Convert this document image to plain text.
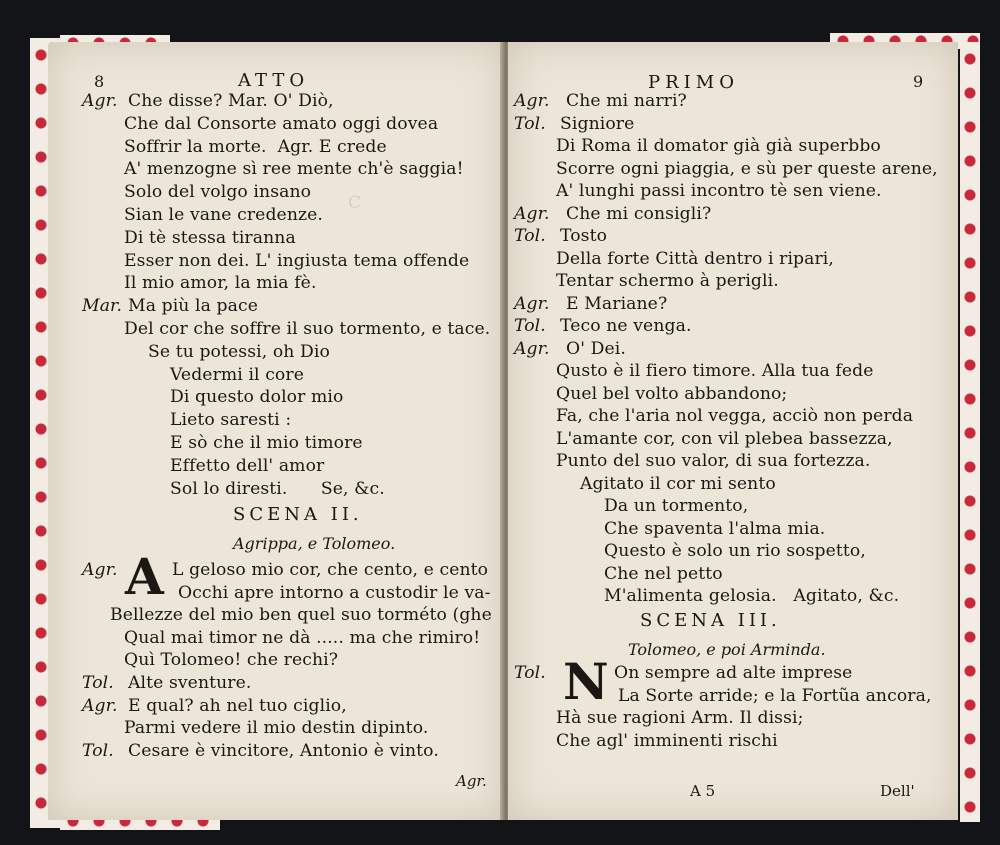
C
8	ATTO
Agr. Che disse? Mar. O' Diò,
Che dal Consorte amato oggi dovea
Soffrir la morte.  Agr. E crede
A' menzogne sì ree mente ch'è saggia!
Solo del volgo insano
Sian le vane credenze.
Di tè stessa tiranna
Esser non dei. L' ingiusta tema offende
Il mio amor, la mia fè.
Mar. Ma più la pace
Del cor che soffre il suo tormento, e tace.
Se tu potessi, oh Dio
Vedermi il core
Di questo dolor mio
Lieto saresti :
E sò che il mio timore
Effetto dell' amor
Sol lo diresti.      Se, &c.
SCENA II.
Agrippa, e Tolomeo.
A
Agr.	L geloso mio cor, che cento, e cento
Occhi apre intorno a custodir le va-
Bellezze del mio ben quel suo torméto (ghe
Qual mai timor ne dà ..... ma che rimiro!
Quì Tolomeo! che rechi?
Tol. Alte sventure.
Agr. E qual? ah nel tuo ciglio,
Parmi vedere il mio destin dipinto.
Tol. Cesare è vincitore, Antonio è vinto.
Agr.
PRIMO	9
Agr. Che mi narri?
Tol. Signiore
Di Roma il domator già già superbbo
Scorre ogni piaggia, e sù per queste arene,
A' lunghi passi incontro tè sen viene.
Agr. Che mi consigli?
Tol. Tosto
Della forte Città dentro i ripari,
Tentar schermo à perigli.
Agr. E Mariane?
Tol. Teco ne venga.
Agr. O' Dei.
Qusto è il fiero timore. Alla tua fede
Quel bel volto abbandono;
Fa, che l'aria nol vegga, acciò non perda
L'amante cor, con vil plebea bassezza,
Punto del suo valor, di sua fortezza.
Agitato il cor mi sento
Da un tormento,
Che spaventa l'alma mia.
Questo è solo un rio sospetto,
Che nel petto
M'alimenta gelosia.   Agitato, &c.
SCENA III.
Tolomeo, e poi Arminda.
N
Tol.	On sempre ad alte imprese
La Sorte arride; e la Fortũa ancora,
Hà sue ragioni Arm. Il dissi;
Che agl' imminenti rischi
A 5	Dell'
